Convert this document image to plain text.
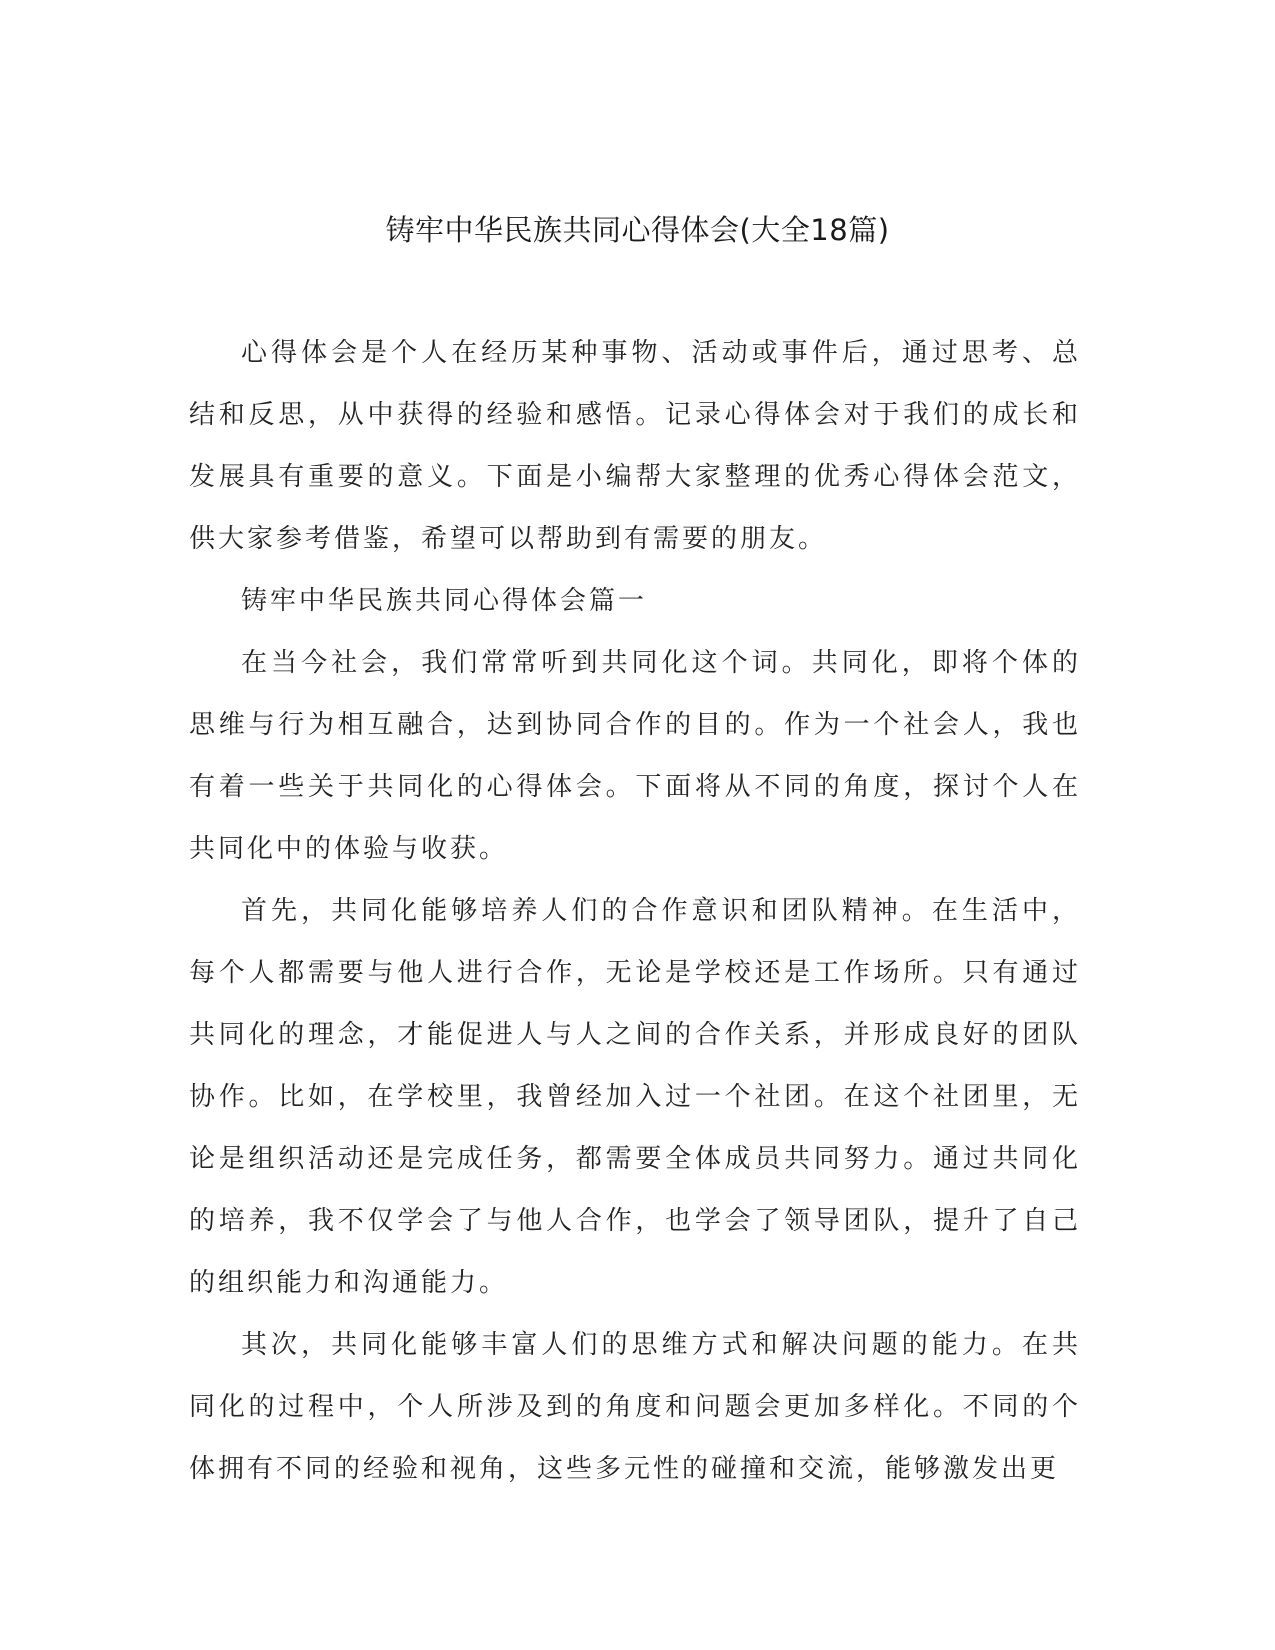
铸牢中华民族共同心得体会(大全18篇)

心得体会是个人在经历某种事物、活动或事件后，通过思考、总结和反思，从中获得的经验和感悟。记录心得体会对于我们的成长和发展具有重要的意义。下面是小编帮大家整理的优秀心得体会范文，供大家参考借鉴，希望可以帮助到有需要的朋友。

铸牢中华民族共同心得体会篇一

在当今社会，我们常常听到共同化这个词。共同化，即将个体的思维与行为相互融合，达到协同合作的目的。作为一个社会人，我也有着一些关于共同化的心得体会。下面将从不同的角度，探讨个人在共同化中的体验与收获。

首先，共同化能够培养人们的合作意识和团队精神。在生活中，每个人都需要与他人进行合作，无论是学校还是工作场所。只有通过共同化的理念，才能促进人与人之间的合作关系，并形成良好的团队协作。比如，在学校里，我曾经加入过一个社团。在这个社团里，无论是组织活动还是完成任务，都需要全体成员共同努力。通过共同化的培养，我不仅学会了与他人合作，也学会了领导团队，提升了自己的组织能力和沟通能力。

其次，共同化能够丰富人们的思维方式和解决问题的能力。在共同化的过程中，个人所涉及到的角度和问题会更加多样化。不同的个体拥有不同的经验和视角，这些多元性的碰撞和交流，能够激发出更
